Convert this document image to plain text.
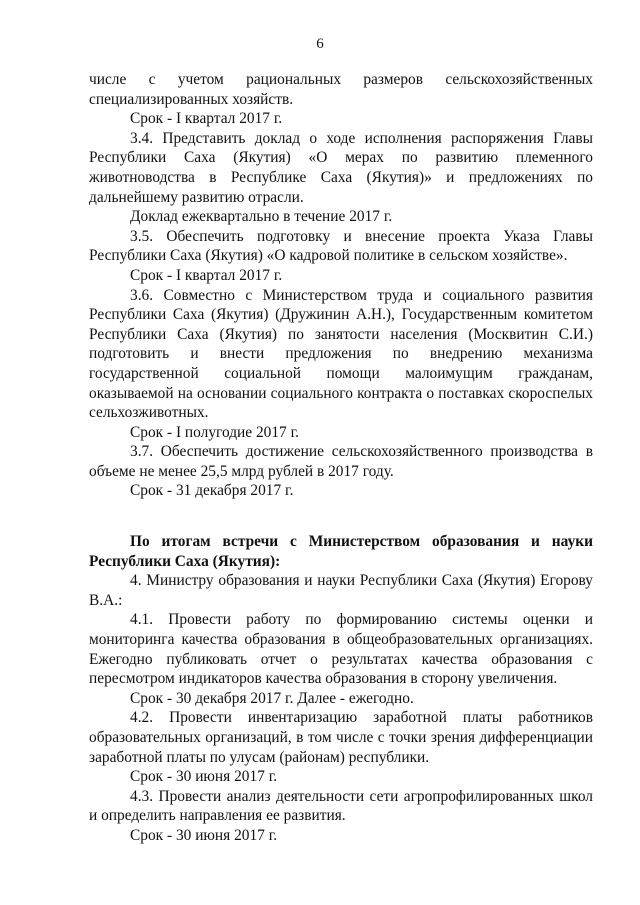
6

числе с учетом рациональных размеров сельскохозяйственных специализированных хозяйств.

Срок - I квартал 2017 г.

3.4. Представить доклад о ходе исполнения распоряжения Главы Республики Саха (Якутия) «О мерах по развитию племенного животноводства в Республике Саха (Якутия)» и предложениях по дальнейшему развитию отрасли.

Доклад ежеквартально в течение 2017 г.

3.5. Обеспечить подготовку и внесение проекта Указа Главы Республики Саха (Якутия) «О кадровой политике в сельском хозяйстве».

Срок - I квартал 2017 г.

3.6. Совместно с Министерством труда и социального развития Республики Саха (Якутия) (Дружинин А.Н.), Государственным комитетом Республики Саха (Якутия) по занятости населения (Москвитин С.И.) подготовить и внести предложения по внедрению механизма государственной социальной помощи малоимущим гражданам, оказываемой на основании социального контракта о поставках скороспелых сельхозживотных.

Срок - I полугодие 2017 г.

3.7. Обеспечить достижение сельскохозяйственного производства в объеме не менее 25,5 млрд рублей в 2017 году.

Срок - 31 декабря 2017 г.

По итогам встречи с Министерством образования и науки Республики Саха (Якутия):

4. Министру образования и науки Республики Саха (Якутия) Егорову В.А.:

4.1. Провести работу по формированию системы оценки и мониторинга качества образования в общеобразовательных организациях. Ежегодно публиковать отчет о результатах качества образования с пересмотром индикаторов качества образования в сторону увеличения.

Срок - 30 декабря 2017 г. Далее - ежегодно.

4.2. Провести инвентаризацию заработной платы работников образовательных организаций, в том числе с точки зрения дифференциации заработной платы по улусам (районам) республики.

Срок - 30 июня 2017 г.

4.3. Провести анализ деятельности сети агропрофилированных школ и определить направления ее развития.

Срок - 30 июня 2017 г.
